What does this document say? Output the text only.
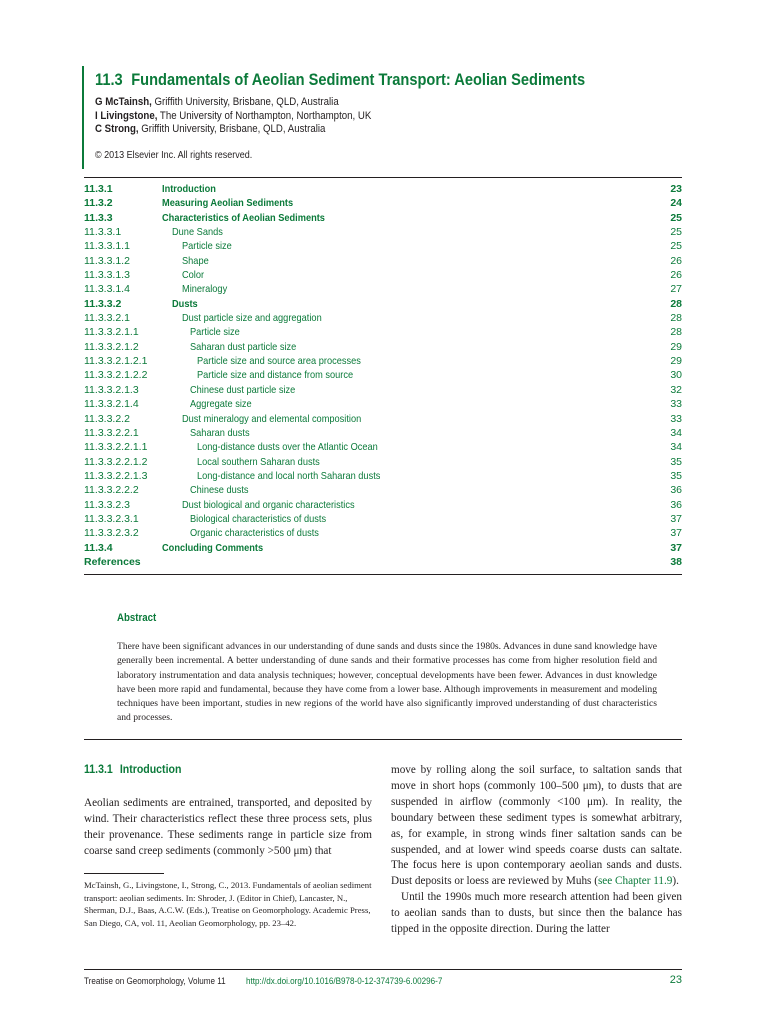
11.3 Fundamentals of Aeolian Sediment Transport: Aeolian Sediments
G McTainsh, Griffith University, Brisbane, QLD, Australia
I Livingstone, The University of Northampton, Northampton, UK
C Strong, Griffith University, Brisbane, QLD, Australia
© 2013 Elsevier Inc. All rights reserved.
11.3.1	Introduction	23
11.3.2	Measuring Aeolian Sediments	24
11.3.3	Characteristics of Aeolian Sediments	25
11.3.3.1	Dune Sands	25
11.3.3.1.1	Particle size	25
11.3.3.1.2	Shape	26
11.3.3.1.3	Color	26
11.3.3.1.4	Mineralogy	27
11.3.3.2	Dusts	28
11.3.3.2.1	Dust particle size and aggregation	28
11.3.3.2.1.1	Particle size	28
11.3.3.2.1.2	Saharan dust particle size	29
11.3.3.2.1.2.1	Particle size and source area processes	29
11.3.3.2.1.2.2	Particle size and distance from source	30
11.3.3.2.1.3	Chinese dust particle size	32
11.3.3.2.1.4	Aggregate size	33
11.3.3.2.2	Dust mineralogy and elemental composition	33
11.3.3.2.2.1	Saharan dusts	34
11.3.3.2.2.1.1	Long-distance dusts over the Atlantic Ocean	34
11.3.3.2.2.1.2	Local southern Saharan dusts	35
11.3.3.2.2.1.3	Long-distance and local north Saharan dusts	35
11.3.3.2.2.2	Chinese dusts	36
11.3.3.2.3	Dust biological and organic characteristics	36
11.3.3.2.3.1	Biological characteristics of dusts	37
11.3.3.2.3.2	Organic characteristics of dusts	37
11.3.4	Concluding Comments	37
References	38
Abstract

There have been significant advances in our understanding of dune sands and dusts since the 1980s. Advances in dune sand knowledge have generally been incremental. A better understanding of dune sands and their formative processes has come from higher resolution field and laboratory instrumentation and data analysis techniques; however, conceptual developments have been fewer. Advances in dust knowledge have been more rapid and fundamental, because they have come from a lower base. Although improvements in measurement and modeling techniques have been important, studies in new regions of the world have also significantly improved understanding of dust characteristics and processes.

11.3.1 Introduction

Aeolian sediments are entrained, transported, and deposited by wind. Their characteristics reflect these three process sets, plus their provenance. These sediments range in particle size from coarse sand creep sediments (commonly >500 μm) that

McTainsh, G., Livingstone, I., Strong, C., 2013. Fundamentals of aeolian sediment transport: aeolian sediments. In: Shroder, J. (Editor in Chief), Lancaster, N., Sherman, D.J., Baas, A.C.W. (Eds.), Treatise on Geomorphology. Academic Press, San Diego, CA, vol. 11, Aeolian Geomorphology, pp. 23–42.

move by rolling along the soil surface, to saltation sands that move in short hops (commonly 100–500 μm), to dusts that are suspended in airflow (commonly <100 μm). In reality, the boundary between these sediment types is somewhat arbitrary, as, for example, in strong winds finer saltation sands can be suspended, and at lower wind speeds coarse dusts can saltate. The focus here is upon contemporary aeolian sands and dusts. Dust deposits or loess are reviewed by Muhs (see Chapter 11.9).

Until the 1990s much more research attention had been given to aeolian sands than to dusts, but since then the balance has tipped in the opposite direction. During the latter

Treatise on Geomorphology, Volume 11 http://dx.doi.org/10.1016/B978-0-12-374739-6.00296-7	23
